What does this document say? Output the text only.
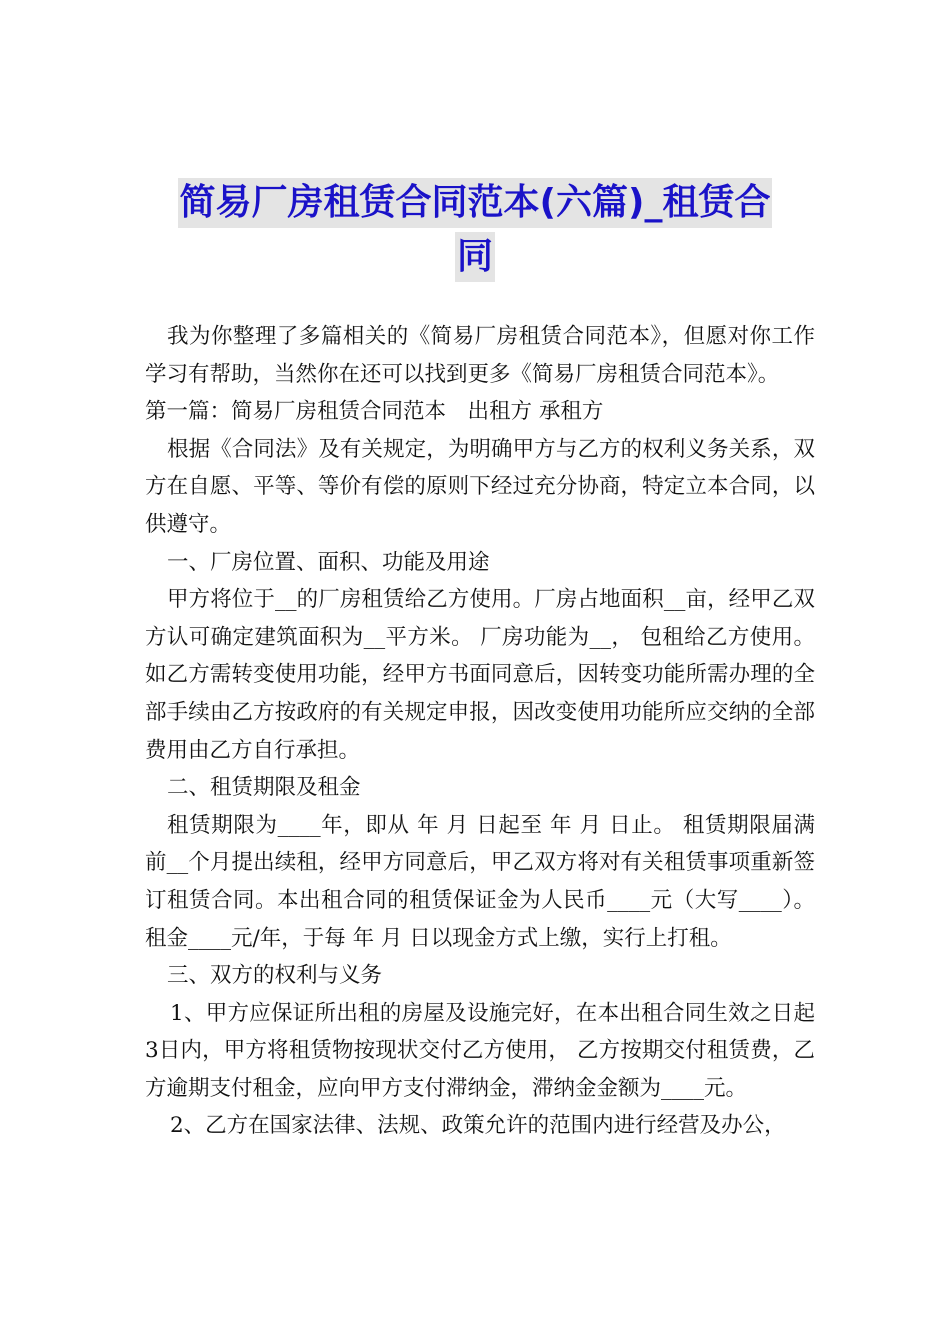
简易厂房租赁合同范本(六篇)_租赁合
同

我为你整理了多篇相关的《简易厂房租赁合同范本》，但愿对你工作学习有帮助，当然你在还可以找到更多《简易厂房租赁合同范本》。

第一篇：简易厂房租赁合同范本　出租方 承租方

根据《合同法》及有关规定，为明确甲方与乙方的权利义务关系，双方在自愿、平等、等价有偿的原则下经过充分协商，特定立本合同，以供遵守。

一、厂房位置、面积、功能及用途

甲方将位于__的厂房租赁给乙方使用。厂房占地面积__亩，经甲乙双方认可确定建筑面积为__平方米。 厂房功能为__， 包租给乙方使用。如乙方需转变使用功能，经甲方书面同意后，因转变功能所需办理的全部手续由乙方按政府的有关规定申报，因改变使用功能所应交纳的全部费用由乙方自行承担。

二、租赁期限及租金

租赁期限为____年，即从 年 月 日起至 年 月 日止。 租赁期限届满前__个月提出续租，经甲方同意后，甲乙双方将对有关租赁事项重新签订租赁合同。本出租合同的租赁保证金为人民币____元（大写____）。租金____元/年，于每 年 月 日以现金方式上缴，实行上打租。

三、双方的权利与义务

1、甲方应保证所出租的房屋及设施完好，在本出租合同生效之日起3日内，甲方将租赁物按现状交付乙方使用， 乙方按期交付租赁费，乙方逾期支付租金，应向甲方支付滞纳金，滞纳金金额为____元。

2、乙方在国家法律、法规、政策允许的范围内进行经营及办公，
